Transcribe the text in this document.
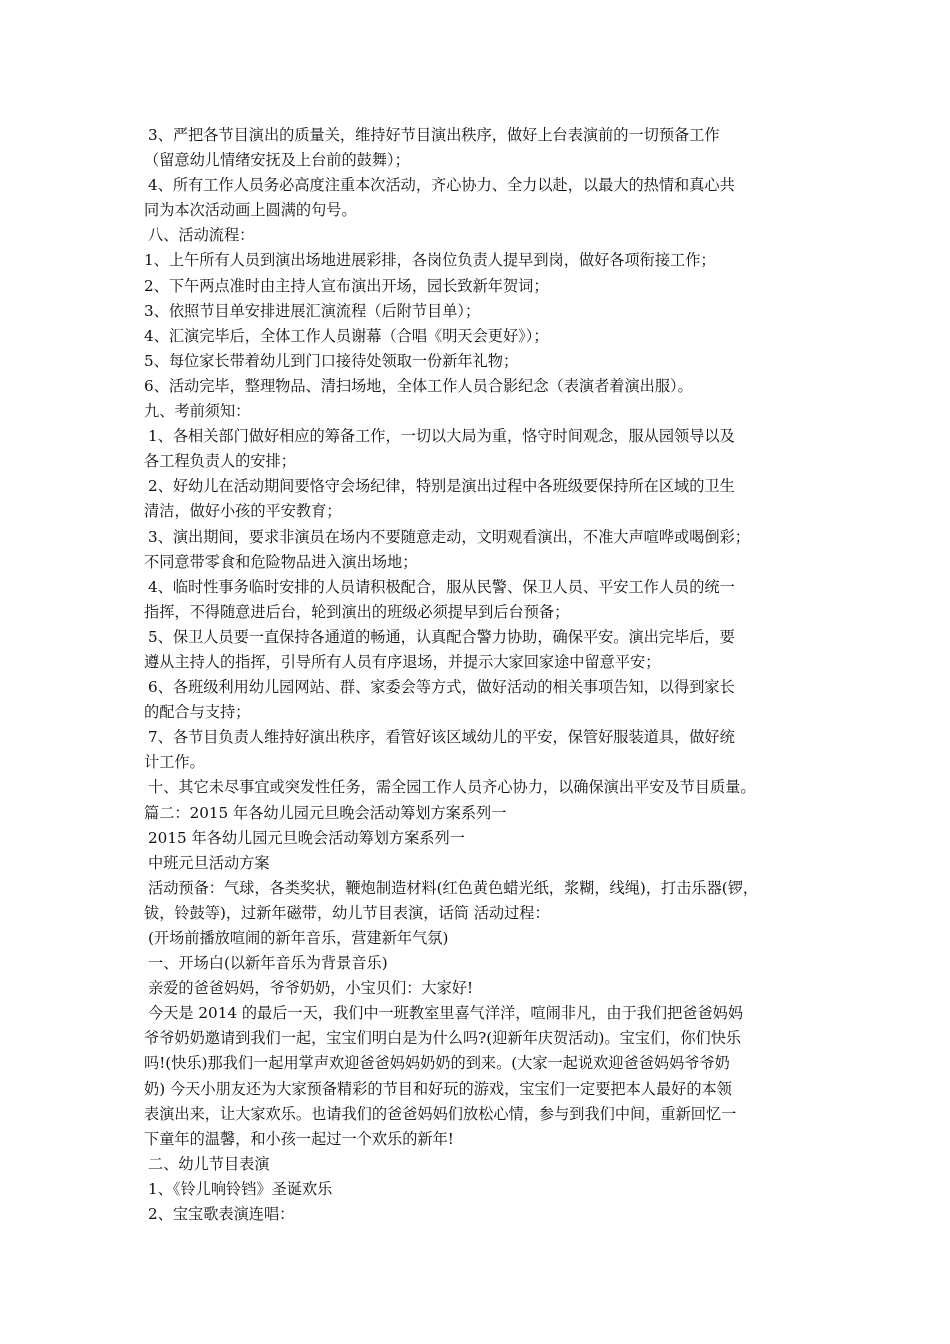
3、严把各节目演出的质量关，维持好节目演出秩序，做好上台表演前的一切预备工作
（留意幼儿情绪安抚及上台前的鼓舞）；
4、所有工作人员务必高度注重本次活动，齐心协力、全力以赴，以最大的热情和真心共
同为本次活动画上圆满的句号。
八、活动流程：
1、上午所有人员到演出场地进展彩排，各岗位负责人提早到岗，做好各项衔接工作；
2、下午两点准时由主持人宣布演出开场，园长致新年贺词；
3、依照节目单安排进展汇演流程（后附节目单）；
4、汇演完毕后，全体工作人员谢幕（合唱《明天会更好》）；
5、每位家长带着幼儿到门口接待处领取一份新年礼物；
6、活动完毕，整理物品、清扫场地，全体工作人员合影纪念（表演者着演出服）。
九、考前须知：
1、各相关部门做好相应的筹备工作，一切以大局为重，恪守时间观念，服从园领导以及
各工程负责人的安排；
2、好幼儿在活动期间要恪守会场纪律，特别是演出过程中各班级要保持所在区域的卫生
清洁，做好小孩的平安教育；
3、演出期间，要求非演员在场内不要随意走动，文明观看演出，不准大声喧哗或喝倒彩；
不同意带零食和危险物品进入演出场地；
4、临时性事务临时安排的人员请积极配合，服从民警、保卫人员、平安工作人员的统一
指挥，不得随意进后台，轮到演出的班级必须提早到后台预备；
5、保卫人员要一直保持各通道的畅通，认真配合警力协助，确保平安。演出完毕后，要
遵从主持人的指挥，引导所有人员有序退场，并提示大家回家途中留意平安；
6、各班级利用幼儿园网站、群、家委会等方式，做好活动的相关事项告知，以得到家长
的配合与支持；
7、各节目负责人维持好演出秩序，看管好该区域幼儿的平安，保管好服装道具，做好统
计工作。
十、其它未尽事宜或突发性任务，需全园工作人员齐心协力，以确保演出平安及节目质量。
篇二：2015 年各幼儿园元旦晚会活动筹划方案系列一
2015 年各幼儿园元旦晚会活动筹划方案系列一
中班元旦活动方案
活动预备：气球，各类奖状，鞭炮制造材料(红色黄色蜡光纸，浆糊，线绳)，打击乐器(锣，
钹，铃鼓等)，过新年磁带，幼儿节目表演，话筒 活动过程：
(开场前播放喧闹的新年音乐，营建新年气氛)
一、开场白(以新年音乐为背景音乐)
亲爱的爸爸妈妈，爷爷奶奶，小宝贝们：大家好!
今天是 2014 的最后一天，我们中一班教室里喜气洋洋，喧闹非凡，由于我们把爸爸妈妈
爷爷奶奶邀请到我们一起，宝宝们明白是为什么吗?(迎新年庆贺活动)。宝宝们，你们快乐
吗!(快乐)那我们一起用掌声欢迎爸爸妈妈奶奶的到来。(大家一起说欢迎爸爸妈妈爷爷奶
奶) 今天小朋友还为大家预备精彩的节目和好玩的游戏，宝宝们一定要把本人最好的本领
表演出来，让大家欢乐。也请我们的爸爸妈妈们放松心情，参与到我们中间，重新回忆一
下童年的温馨，和小孩一起过一个欢乐的新年!
二、幼儿节目表演
1、《铃儿响铃铛》圣诞欢乐
2、宝宝歌表演连唱：
